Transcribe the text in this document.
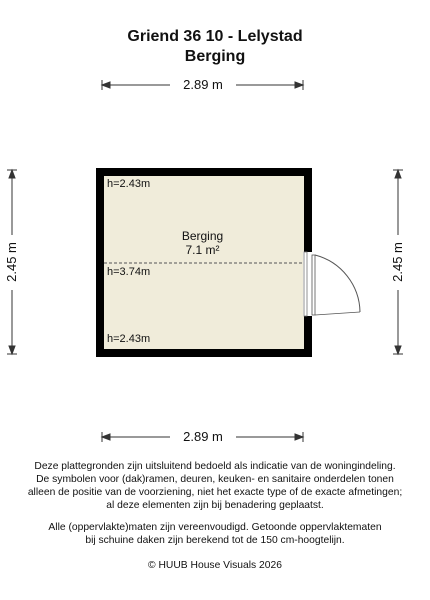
Griend 36 10 - Lelystad
Berging
2.89 m
2.89 m
2.45 m	2.45 m
h=2.43m
Berging
7.1 m²
h=3.74m
h=2.43m
Deze plattegronden zijn uitsluitend bedoeld als indicatie van de woningindeling.
De symbolen voor (dak)ramen, deuren, keuken- en sanitaire onderdelen tonen
alleen de positie van de voorziening, niet het exacte type of de exacte afmetingen;
al deze elementen zijn bij benadering geplaatst.
Alle (oppervlakte)maten zijn vereenvoudigd. Getoonde oppervlaktematen
bij schuine daken zijn berekend tot de 150 cm-hoogtelijn.
© HUUB House Visuals 2026
